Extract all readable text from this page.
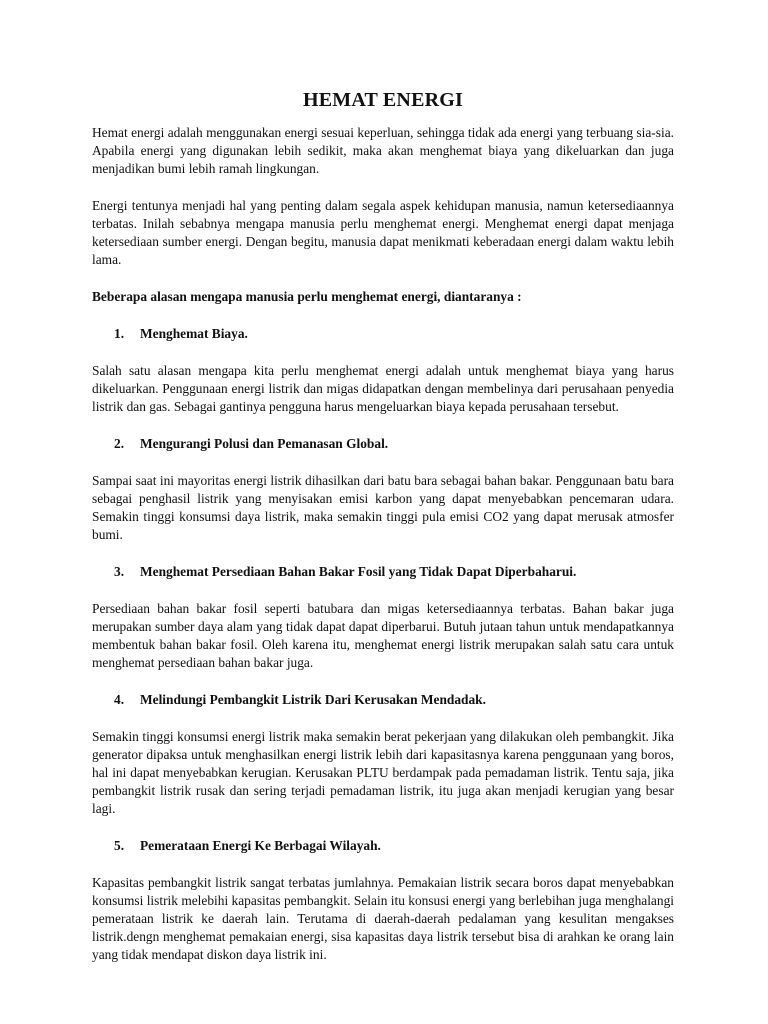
HEMAT ENERGI

Hemat energi adalah menggunakan energi sesuai keperluan, sehingga tidak ada energi yang terbuang sia-sia. Apabila energi yang digunakan lebih sedikit, maka akan menghemat biaya yang dikeluarkan dan juga menjadikan bumi lebih ramah lingkungan.

Energi tentunya menjadi hal yang penting dalam segala aspek kehidupan manusia, namun ketersediaannya terbatas. Inilah sebabnya mengapa manusia perlu menghemat energi. Menghemat energi dapat menjaga ketersediaan sumber energi. Dengan begitu, manusia dapat menikmati keberadaan energi dalam waktu lebih lama.

Beberapa alasan mengapa manusia perlu menghemat energi, diantaranya :

1.	Menghemat Biaya.

Salah satu alasan mengapa kita perlu menghemat energi adalah untuk menghemat biaya yang harus dikeluarkan. Penggunaan energi listrik dan migas didapatkan dengan membelinya dari perusahaan penyedia listrik dan gas. Sebagai gantinya pengguna harus mengeluarkan biaya kepada perusahaan tersebut.

2.	Mengurangi Polusi dan Pemanasan Global.

Sampai saat ini mayoritas energi listrik dihasilkan dari batu bara sebagai bahan bakar. Penggunaan batu bara sebagai penghasil listrik yang menyisakan emisi karbon yang dapat menyebabkan pencemaran udara. Semakin tinggi konsumsi daya listrik, maka semakin tinggi pula emisi CO2 yang dapat merusak atmosfer bumi.

3.	Menghemat Persediaan Bahan Bakar Fosil yang Tidak Dapat Diperbaharui.

Persediaan bahan bakar fosil seperti batubara dan migas ketersediaannya terbatas. Bahan bakar juga merupakan sumber daya alam yang tidak dapat dapat diperbarui. Butuh jutaan tahun untuk mendapatkannya membentuk bahan bakar fosil. Oleh karena itu, menghemat energi listrik merupakan salah satu cara untuk menghemat persediaan bahan bakar juga.

4.	Melindungi Pembangkit Listrik Dari Kerusakan Mendadak.

Semakin tinggi konsumsi energi listrik maka semakin berat pekerjaan yang dilakukan oleh pembangkit. Jika generator dipaksa untuk menghasilkan energi listrik lebih dari kapasitasnya karena penggunaan yang boros, hal ini dapat menyebabkan kerugian. Kerusakan PLTU berdampak pada pemadaman listrik. Tentu saja, jika pembangkit listrik rusak dan sering terjadi pemadaman listrik, itu juga akan menjadi kerugian yang besar lagi.

5.	Pemerataan Energi Ke Berbagai Wilayah.

Kapasitas pembangkit listrik sangat terbatas jumlahnya. Pemakaian listrik secara boros dapat menyebabkan konsumsi listrik melebihi kapasitas pembangkit. Selain itu konsusi energi yang berlebihan juga menghalangi pemerataan listrik ke daerah lain. Terutama di daerah-daerah pedalaman yang kesulitan mengakses listrik.dengn menghemat pemakaian energi, sisa kapasitas daya listrik tersebut bisa di arahkan ke orang lain yang tidak mendapat diskon daya listrik ini.
